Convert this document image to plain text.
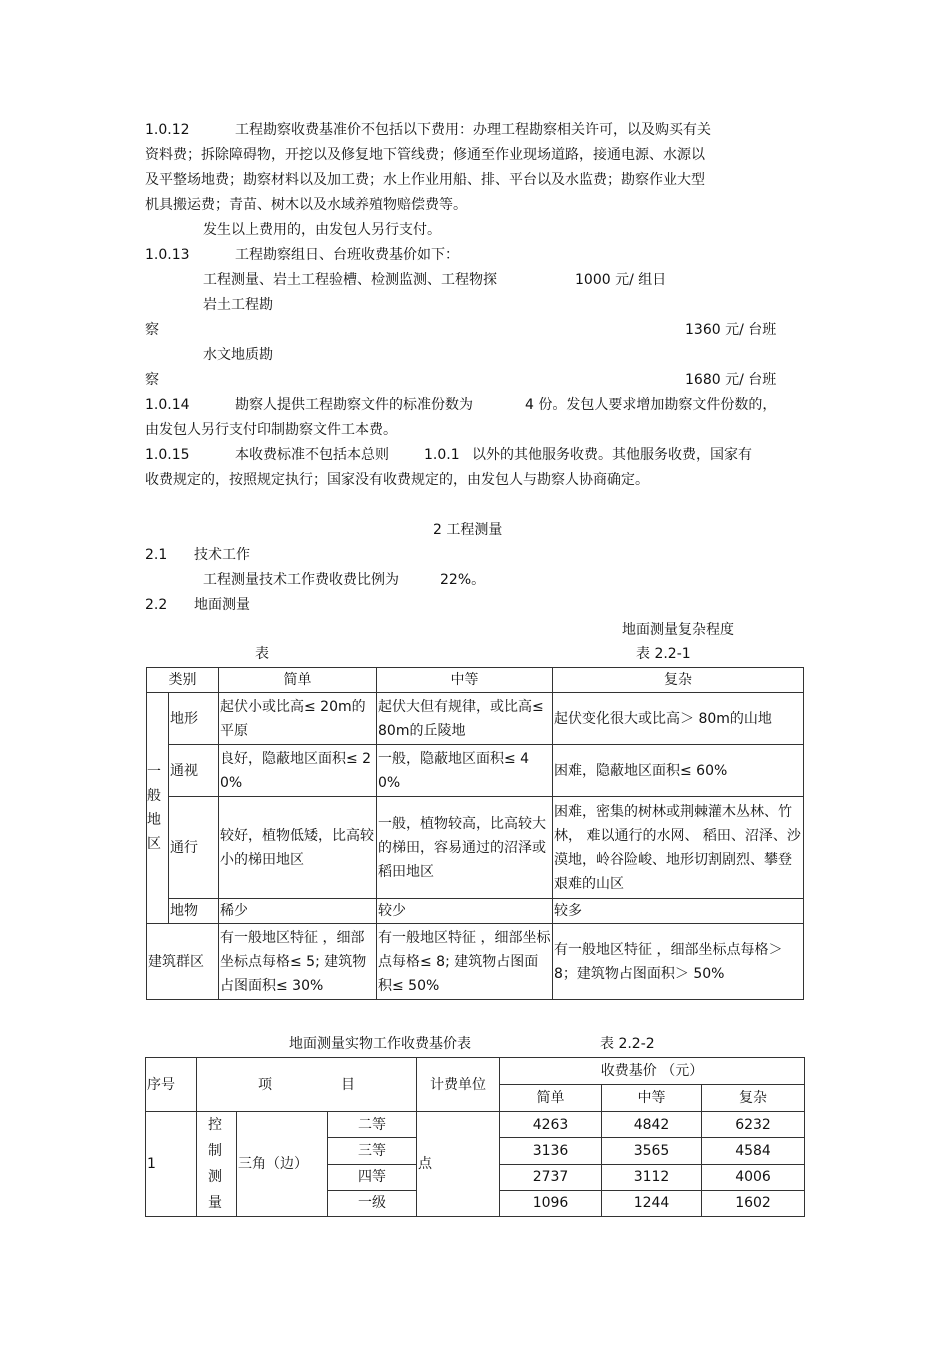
1.0.12	工程勘察收费基准价不包括以下费用：办理工程勘察相关许可，以及购买有关
资料费；拆除障碍物，开挖以及修复地下管线费；修通至作业现场道路，接通电源、水源以
及平整场地费；勘察材料以及加工费；水上作业用船、排、平台以及水监费；勘察作业大型
机具搬运费；青苗、树木以及水域养殖物赔偿费等。
发生以上费用的，由发包人另行支付。
1.0.13	工程勘察组日、台班收费基价如下：
工程测量、岩土工程验槽、检测监测、工程物探	1000 元/ 组日
岩土工程勘
察	1360 元/ 台班
水文地质勘
察	1680 元/ 台班
1.0.14	勘察人提供工程勘察文件的标准份数为	4 份。发包人要求增加勘察文件份数的，
由发包人另行支付印制勘察文件工本费。
1.0.15	本收费标准不包括本总则	1.0.1 以外的其他服务收费。其他服务收费，国家有
收费规定的，按照规定执行；国家没有收费规定的，由发包人与勘察人协商确定。
2 工程测量
2.1 技术工作
工程测量技术工作费收费比例为	22%。
2.2 地面测量
地面测量复杂程度
表	表 2.2-1
类别		简单	中等	复杂

一般地区	地形	起伏小或比高≤ 20m的平原	起伏大但有规律，或比高≤ 80m的丘陵地	起伏变化很大或比高＞ 80m的山地
	通视	良好，隐蔽地区面积≤ 20%	一般，隐蔽地区面积≤ 40%	困难，隐蔽地区面积≤ 60%
	通行	较好，植物低矮，比高较小的梯田地区	一般，植物较高，比高较大的梯田，容易通过的沼泽或稻田地区	困难，密集的树林或荆棘灌木丛林、竹林， 难以通行的水网、 稻田、沼泽、沙漠地，岭谷险峻、地形切割剧烈、攀登艰难的山区
	地物	稀少	较少	较多
建筑群区		有一般地区特征 ，细部坐标点每格≤ 5; 建筑物占图面积≤ 30%	有一般地区特征 ，细部坐标点每格≤ 8; 建筑物占图面积≤ 50%	有一般地区特征 ，细部坐标点每格＞ 8；建筑物占图面积＞ 50%
地面测量实物工作收费基价表	表 2.2-2
序号	项 目			计费单位	收费基价 （元）		
					简单	中等	复杂
1	控制测量	三角（边）	二等	点	4263	4842	6232
			三等		3136	3565	4584
			四等		2737	3112	4006
			一级		1096	1244	1602
